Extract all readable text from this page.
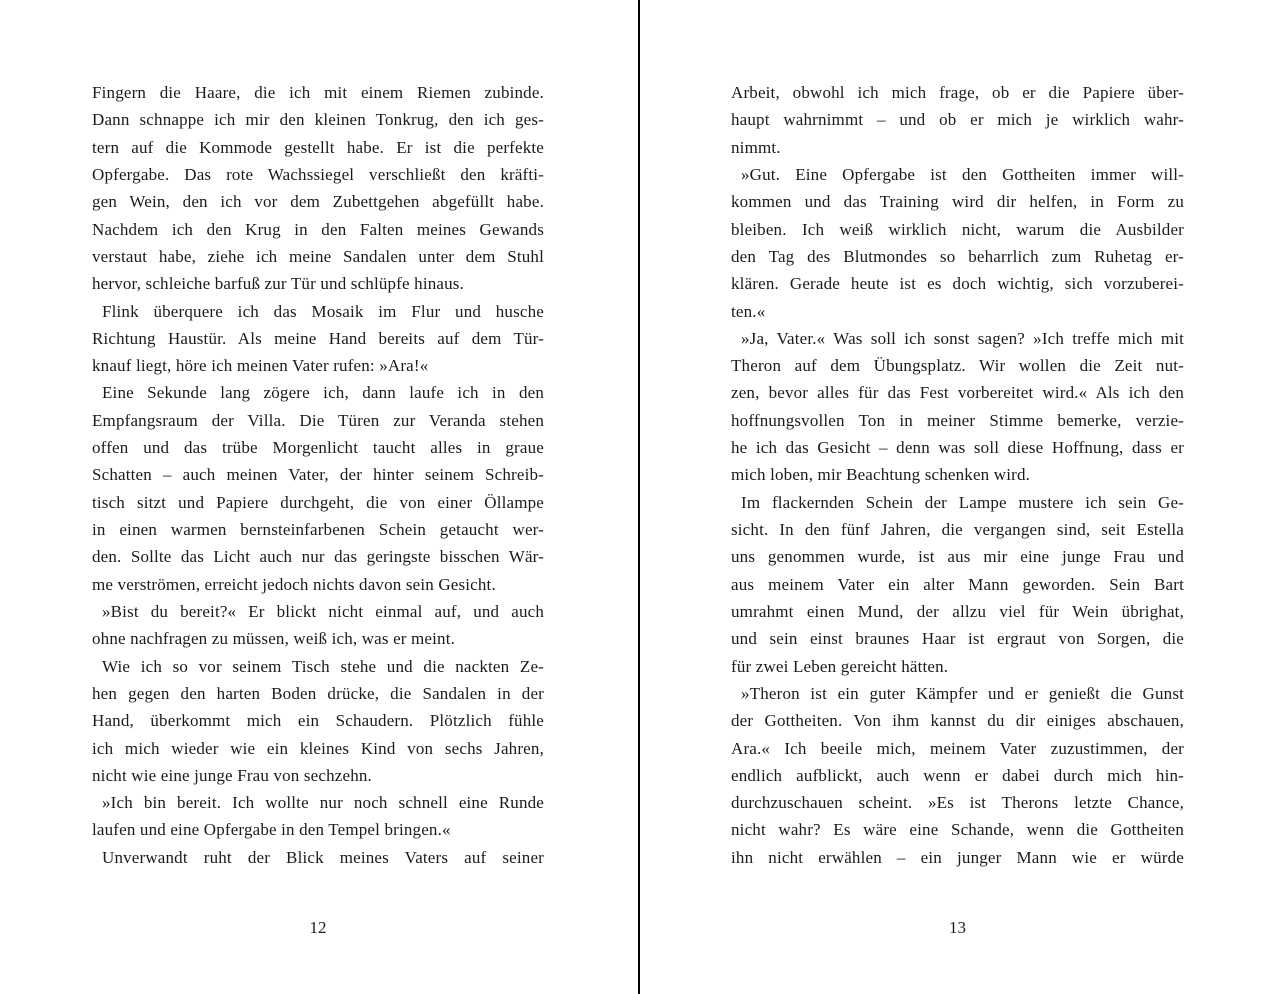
Fingern die Haare, die ich mit einem Riemen zubinde.
Dann schnappe ich mir den kleinen Tonkrug, den ich ges-
tern auf die Kommode gestellt habe. Er ist die perfekte
Opfergabe. Das rote Wachssiegel verschließt den kräfti-
gen Wein, den ich vor dem Zubettgehen abgefüllt habe.
Nachdem ich den Krug in den Falten meines Gewands
verstaut habe, ziehe ich meine Sandalen unter dem Stuhl
hervor, schleiche barfuß zur Tür und schlüpfe hinaus.
Flink überquere ich das Mosaik im Flur und husche
Richtung Haustür. Als meine Hand bereits auf dem Tür-
knauf liegt, höre ich meinen Vater rufen: »Ara!«
Eine Sekunde lang zögere ich, dann laufe ich in den
Empfangsraum der Villa. Die Türen zur Veranda stehen
offen und das trübe Morgenlicht taucht alles in graue
Schatten – auch meinen Vater, der hinter seinem Schreib-
tisch sitzt und Papiere durchgeht, die von einer Öllampe
in einen warmen bernsteinfarbenen Schein getaucht wer-
den. Sollte das Licht auch nur das geringste bisschen Wär-
me verströmen, erreicht jedoch nichts davon sein Gesicht.
»Bist du bereit?« Er blickt nicht einmal auf, und auch
ohne nachfragen zu müssen, weiß ich, was er meint.
Wie ich so vor seinem Tisch stehe und die nackten Ze-
hen gegen den harten Boden drücke, die Sandalen in der
Hand, überkommt mich ein Schaudern. Plötzlich fühle
ich mich wieder wie ein kleines Kind von sechs Jahren,
nicht wie eine junge Frau von sechzehn.
»Ich bin bereit. Ich wollte nur noch schnell eine Runde
laufen und eine Opfergabe in den Tempel bringen.«
Unverwandt ruht der Blick meines Vaters auf seiner
12
Arbeit, obwohl ich mich frage, ob er die Papiere über-
haupt wahrnimmt – und ob er mich je wirklich wahr-
nimmt.
»Gut. Eine Opfergabe ist den Gottheiten immer will-
kommen und das Training wird dir helfen, in Form zu
bleiben. Ich weiß wirklich nicht, warum die Ausbilder
den Tag des Blutmondes so beharrlich zum Ruhetag er-
klären. Gerade heute ist es doch wichtig, sich vorzuberei-
ten.«
»Ja, Vater.« Was soll ich sonst sagen? »Ich treffe mich mit
Theron auf dem Übungsplatz. Wir wollen die Zeit nut-
zen, bevor alles für das Fest vorbereitet wird.« Als ich den
hoffnungsvollen Ton in meiner Stimme bemerke, verzie-
he ich das Gesicht – denn was soll diese Hoffnung, dass er
mich loben, mir Beachtung schenken wird.
Im flackernden Schein der Lampe mustere ich sein Ge-
sicht. In den fünf Jahren, die vergangen sind, seit Estella
uns genommen wurde, ist aus mir eine junge Frau und
aus meinem Vater ein alter Mann geworden. Sein Bart
umrahmt einen Mund, der allzu viel für Wein übrighat,
und sein einst braunes Haar ist ergraut von Sorgen, die
für zwei Leben gereicht hätten.
»Theron ist ein guter Kämpfer und er genießt die Gunst
der Gottheiten. Von ihm kannst du dir einiges abschauen,
Ara.« Ich beeile mich, meinem Vater zuzustimmen, der
endlich aufblickt, auch wenn er dabei durch mich hin-
durchzuschauen scheint. »Es ist Therons letzte Chance,
nicht wahr? Es wäre eine Schande, wenn die Gottheiten
ihn nicht erwählen – ein junger Mann wie er würde
13
